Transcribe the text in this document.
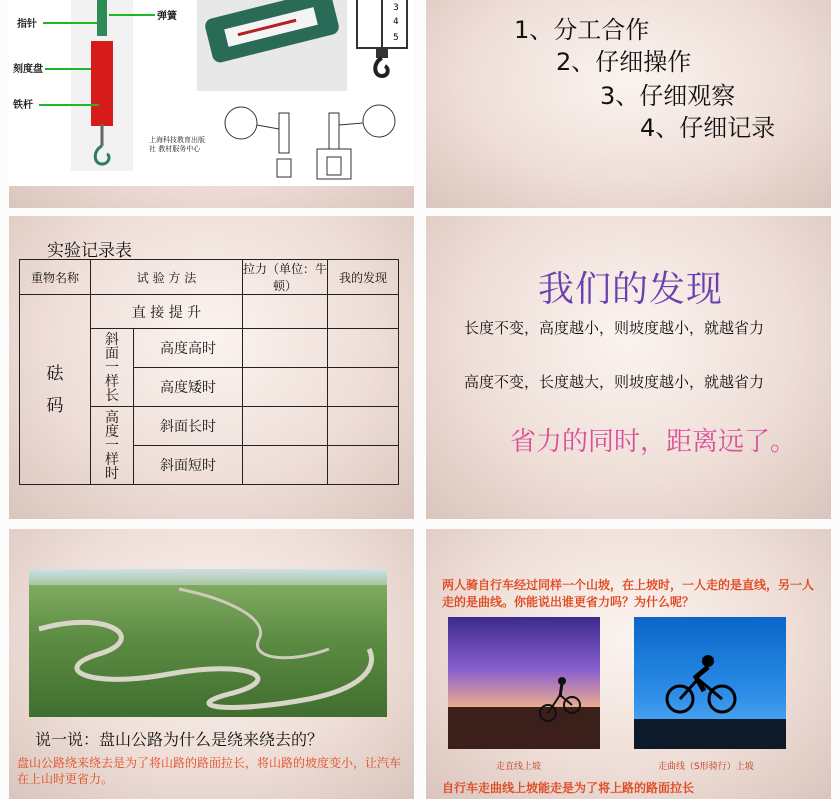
指针
弹簧
刻度盘
铁杆
上海科技教育出版社 教材服务中心
3
4
5	1、分工合作
2、仔细操作
3、仔细观察
4、仔细记录
实验记录表
重物名称	试 验 方 法		拉力（单位：牛顿）	我的发现
砝码	直 接 提 升			
	斜面一样长	高度高时		
		高度矮时		
	高度一样时	斜面长时		
		斜面短时		
我们的发现
长度不变，高度越小，则坡度越小，就越省力
高度不变，长度越大，则坡度越小，就越省力
省力的同时，距离远了。
说一说：盘山公路为什么是绕来绕去的？
盘山公路绕来绕去是为了将山路的路面拉长，将山路的坡度变小，让汽车在上山时更省力。
两人骑自行车经过同样一个山坡，在上坡时，一人走的是直线，另一人走的是曲线。你能说出谁更省力吗？为什么呢？
走直线上坡	走曲线（S形骑行）上坡
自行车走曲线上坡能走是为了将上路的路面拉长
